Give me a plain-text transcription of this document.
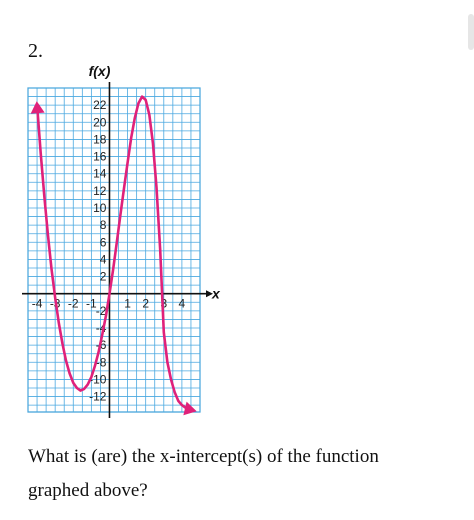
2.
f(x)
x
22
20
18
16
14
12
10
8
6
4
2
-2
-4
-6
-8
-10
-12
-4 -3 -2 -1 1 2 3 4
What is (are) the x-intercept(s) of the function
graphed above?
